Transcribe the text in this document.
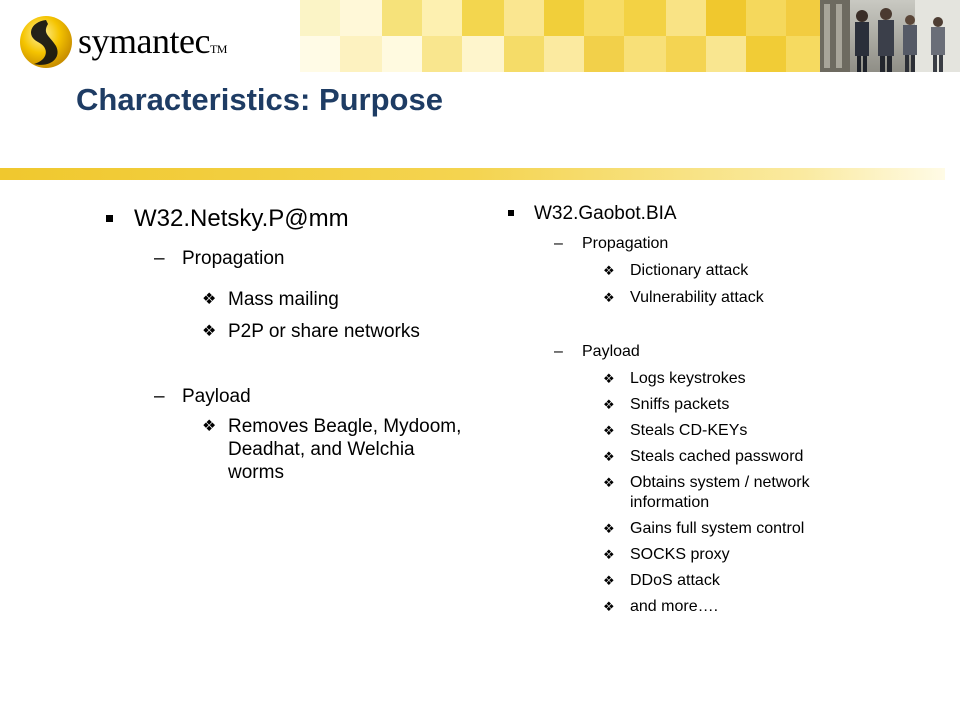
symantecTM
Characteristics: Purpose
W32.Netsky.P@mm
– Propagation
❖ Mass mailing
❖ P2P or share networks
– Payload
❖ Removes Beagle, Mydoom, Deadhat, and Welchia worms
W32.Gaobot.BIA
– Propagation
❖ Dictionary attack
❖ Vulnerability attack
– Payload
❖ Logs keystrokes
❖ Sniffs packets
❖ Steals CD-KEYs
❖ Steals cached password
❖ Obtains system / network information
❖ Gains full system control
❖ SOCKS proxy
❖ DDoS attack
❖ and more….
